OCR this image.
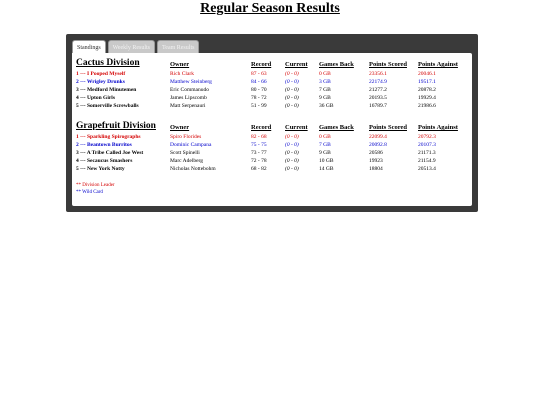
Regular Season Results
Standings	Weekly Results	Team Results
Cactus Division	Owner	Record	Current	Games Back	Points Scored	Points Against
1 --- I Pooped Myself	Rich Clark	87 - 63	(0 - 0)	0 GB	23356.1	20046.1
2 --- Wrigley Drunks	Matthew Steinberg	84 - 66	(0 - 0)	3 GB	22174.9	19517.1
3 --- Medford Minutemen	Eric Commanudo	80 - 70	(0 - 0)	7 GB	21277.2	20878.2
4 --- Upton Girls	James Lipscomb	78 - 72	(0 - 0)	9 GB	20193.5	19929.4
5 --- Somerville Screwballs	Matt Serpenauri	51 - 99	(0 - 0)	36 GB	16789.7	21986.6
Grapefruit Division	Owner	Record	Current	Games Back	Points Scored	Points Against
1 --- Sparkling Spirographs	Spiro Florides	82 - 68	(0 - 0)	0 GB	22099.4	20792.3
2 --- Beantown Burritos	Dominic Campana	75 - 75	(0 - 0)	7 GB	20092.8	20107.3
3 --- A Tribe Called Joe West	Scott Spinelli	73 - 77	(0 - 0)	9 GB	20586	21171.3
4 --- Secaucus Smashers	Marc Adelberg	72 - 78	(0 - 0)	10 GB	19923	21154.9
5 --- New York Notty	Nicholas Nottebohm	68 - 82	(0 - 0)	14 GB	18804	20513.4
** Division Leader
** Wild Card
